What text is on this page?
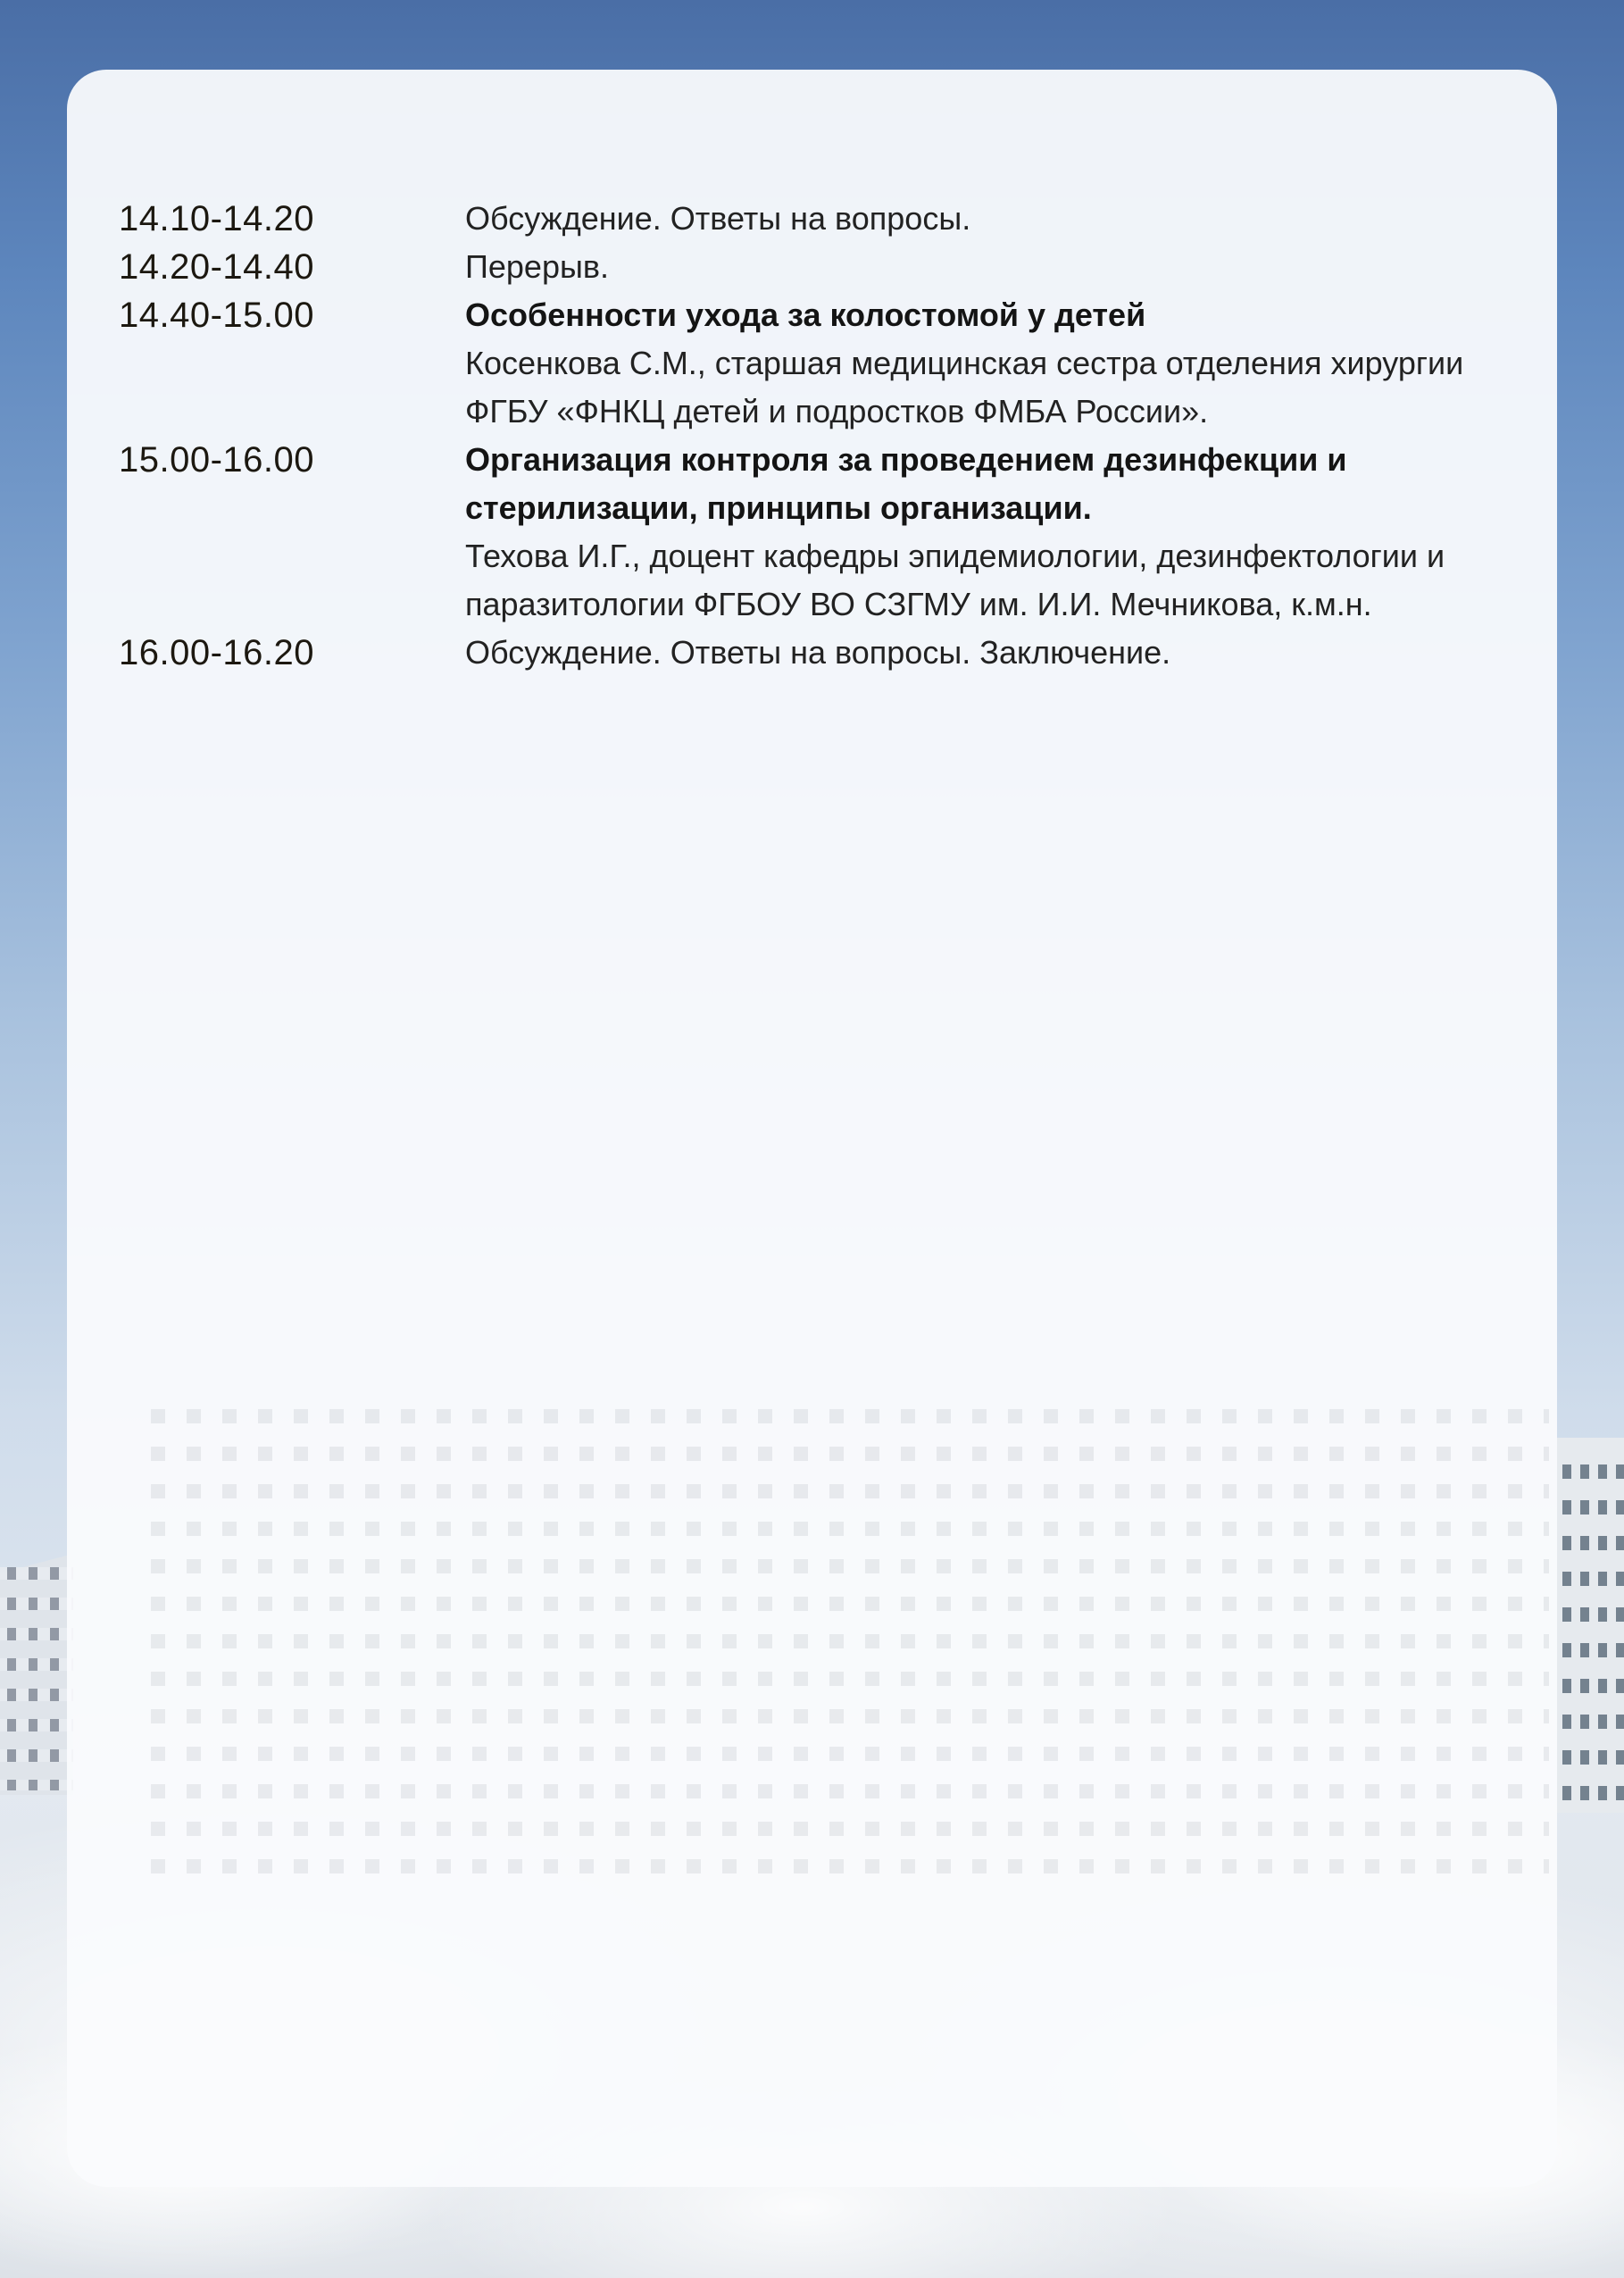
14.10-14.20	Обсуждение. Ответы на вопросы.
14.20-14.40	Перерыв.
14.40-15.00	Особенности ухода за колостомой у детей
Косенкова С.М., старшая медицинская сестра отделения хирургии ФГБУ «ФНКЦ детей и подростков ФМБА России».
15.00-16.00	Организация контроля за проведением дезинфекции и стерилизации, принципы организации.
Техова И.Г., доцент кафедры эпидемиологии, дезинфектологии и паразитологии ФГБОУ ВО СЗГМУ им. И.И. Мечникова, к.м.н.
16.00-16.20	Обсуждение. Ответы на вопросы. Заключение.
